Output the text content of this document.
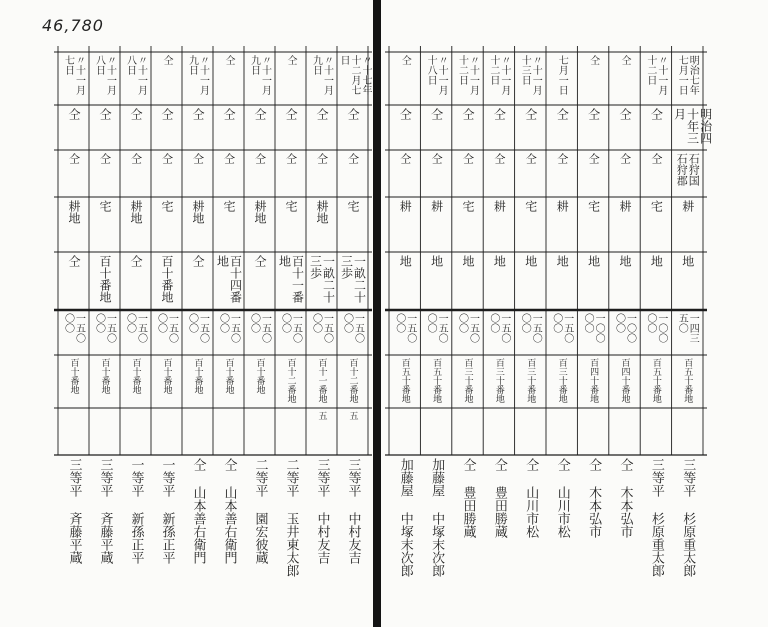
46,780
〃十七年十二月七日
仝
仝
宅
一畝二十三歩
一五〇〇〇
百十二番地
五
三等平 中村友吉
〃十一月九日
仝
仝
耕地
一畝二十三歩
一五〇〇〇
百十一番地
五
三等平 中村友吉
仝
仝
仝
宅
百十一番地
一五〇〇〇
百十二番地
二等平 玉井東太郎
〃十一月九日
仝
仝
耕地
仝
一五〇〇〇
百十番地
二等平 園宏彼蔵
仝
仝
仝
宅
百十四番地
一五〇〇〇
百十番地
仝 山本善右衛門
〃十一月九日
仝
仝
耕地
仝
一五〇〇〇
百十番地
仝 山本善右衛門
仝
仝
仝
宅
百十番地
一五〇〇〇
百十番地
一等平 新孫正平
〃十一月八日
仝
仝
耕地
仝
一五〇〇〇
百十番地
一等平 新孫正平
〃十一月八日
仝
仝
宅
百十番地
一五〇〇〇
百十番地
三等平 斉藤平蔵
〃十一月七日
仝
仝
耕地
仝
一五〇〇〇
百十番地
三等平 斉藤平蔵
明治七年七月一日
明治四十年三月
石狩国石狩郡
耕
地
一四三五〇
百五十番地
三等平 杉原重太郎
〃十一月十二日
仝
仝
宅
地
一〇〇〇〇
百五十番地
三等平 杉原重太郎
仝
仝
仝
耕
地
一〇〇〇〇
百四十番地
仝 木本弘市
仝
仝
仝
宅
地
一〇〇〇〇
百四十番地
仝 木本弘市
七月一日
仝
仝
耕
地
一五〇〇〇
百三十番地
仝 山川市松
〃十一月十三日
仝
仝
宅
地
一五〇〇〇
百三十番地
仝 山川市松
〃十一月十二日
仝
仝
耕
地
一五〇〇〇
百三十番地
仝 豊田勝蔵
〃十一月十二日
仝
仝
宅
地
一五〇〇〇
百三十番地
仝 豊田勝蔵
〃十一月十八日
仝
仝
耕
地
一五〇〇〇
百五十番地
加藤屋 中塚末次郎
仝
仝
仝
耕
地
一五〇〇〇
百五十番地
加藤屋 中塚末次郎
